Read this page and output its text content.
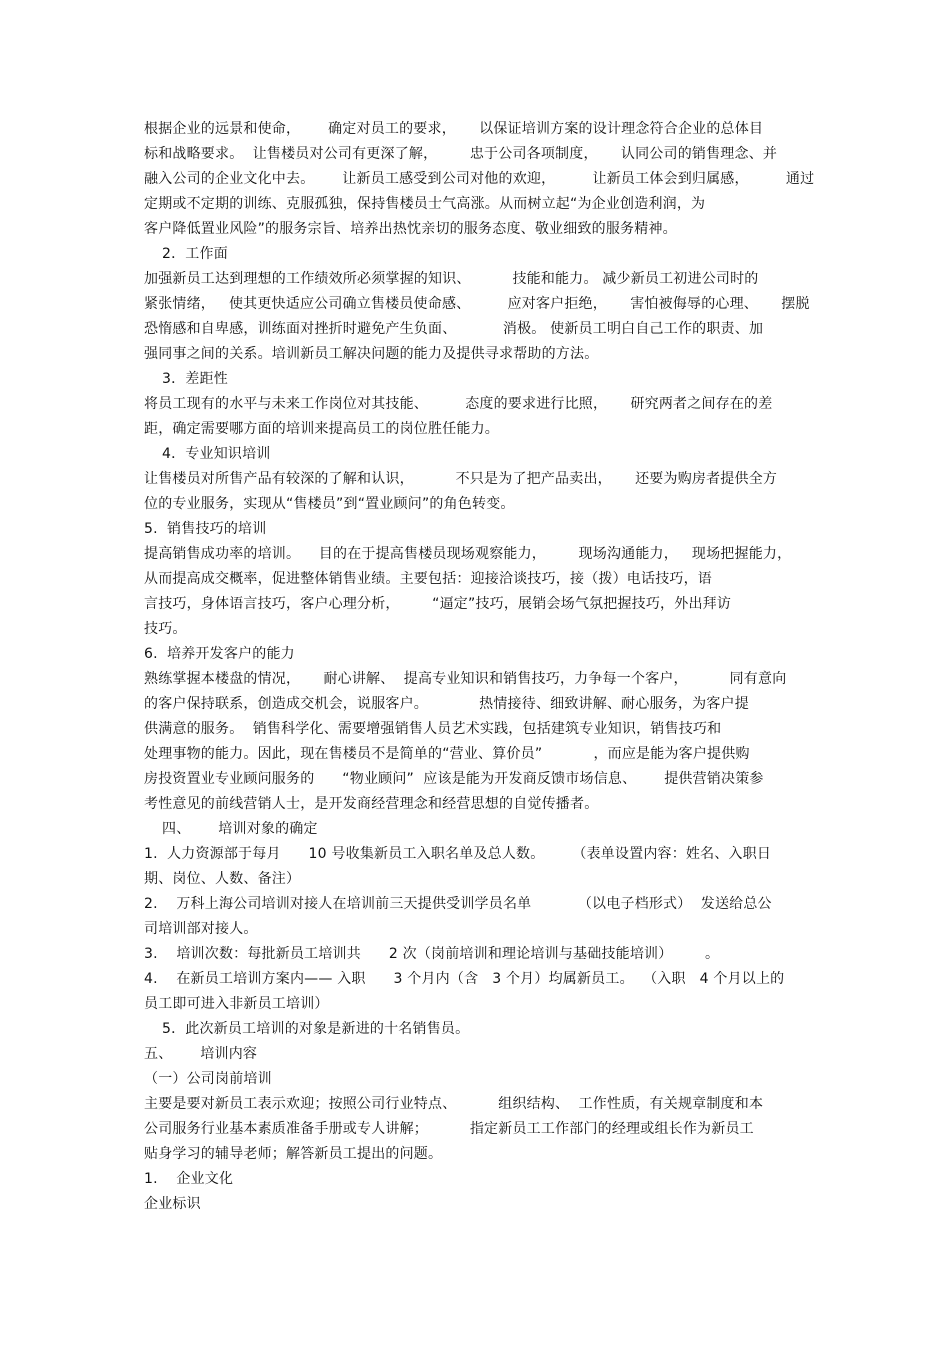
根据企业的远景和使命，      确定对员工的要求，     以保证培训方案的设计理念符合企业的总体目
标和战略要求。  让售楼员对公司有更深了解，       忠于公司各项制度，     认同公司的销售理念、并
融入公司的企业文化中去。      让新员工感受到公司对他的欢迎，        让新员工体会到归属感，        通过
定期或不定期的训练、克服孤独，保持售楼员士气高涨。从而树立起“为企业创造利润，为
客户降低置业风险”的服务宗旨、培养出热忱亲切的服务态度、敬业细致的服务精神。
2．工作面
加强新员工达到理想的工作绩效所必须掌握的知识、         技能和能力。 减少新员工初进公司时的
紧张情绪，   使其更快适应公司确立售楼员使命感、        应对客户拒绝，     害怕被侮辱的心理、     摆脱
恐惰感和自卑感，训练面对挫折时避免产生负面、          消极。 使新员工明白自己工作的职责、加
强同事之间的关系。培训新员工解决问题的能力及提供寻求帮助的方法。
3．差距性
将员工现有的水平与未来工作岗位对其技能、        态度的要求进行比照，     研究两者之间存在的差
距，确定需要哪方面的培训来提高员工的岗位胜任能力。
4．专业知识培训
让售楼员对所售产品有较深的了解和认识，         不只是为了把产品卖出，     还要为购房者提供全方
位的专业服务，实现从“售楼员”到“置业顾问”的角色转变。
5.  销售技巧的培训
提高销售成功率的培训。    目的在于提高售楼员现场观察能力，       现场沟通能力，   现场把握能力，
从而提高成交概率，促进整体销售业绩。主要包括：迎接洽谈技巧，接（拨）电话技巧，语
言技巧，身体语言技巧，客户心理分析，       “逼定”技巧，展销会场气氛把握技巧，外出拜访
技巧。
6.  培养开发客户的能力
熟练掌握本楼盘的情况，     耐心讲解、  提高专业知识和销售技巧，力争每一个客户，         同有意向
的客户保持联系，创造成交机会，说服客户。           热情接待、细致讲解、耐心服务，为客户提
供满意的服务。  销售科学化、需要增强销售人员艺术实践，包括建筑专业知识，销售技巧和
处理事物的能力。因此，现在售楼员不是简单的“营业、算价员”           ，而应是能为客户提供购
房投资置业专业顾问服务的      “物业顾问”  应该是能为开发商反馈市场信息、      提供营销决策参
考性意见的前线营销人士，是开发商经营理念和经营思想的自觉传播者。
四、      培训对象的确定
1.  人力资源部于每月      10 号收集新员工入职名单及总人数。      （表单设置内容：姓名、入职日
期、岗位、人数、备注）
2.    万科上海公司培训对接人在培训前三天提供受训学员名单          （以电子档形式）  发送给总公
司培训部对接人。
3.    培训次数：每批新员工培训共      2 次（岗前培训和理论培训与基础技能培训）       。
4.    在新员工培训方案内—— 入职      3 个月内（含   3 个月）均属新员工。  （入职   4 个月以上的
员工即可进入非新员工培训）
5．此次新员工培训的对象是新进的十名销售员。
五、      培训内容
（一）公司岗前培训
主要是要对新员工表示欢迎；按照公司行业特点、         组织结构、  工作性质，有关规章制度和本
公司服务行业基本素质准备手册或专人讲解；         指定新员工工作部门的经理或组长作为新员工
贴身学习的辅导老师；解答新员工提出的问题。
1.    企业文化
企业标识
